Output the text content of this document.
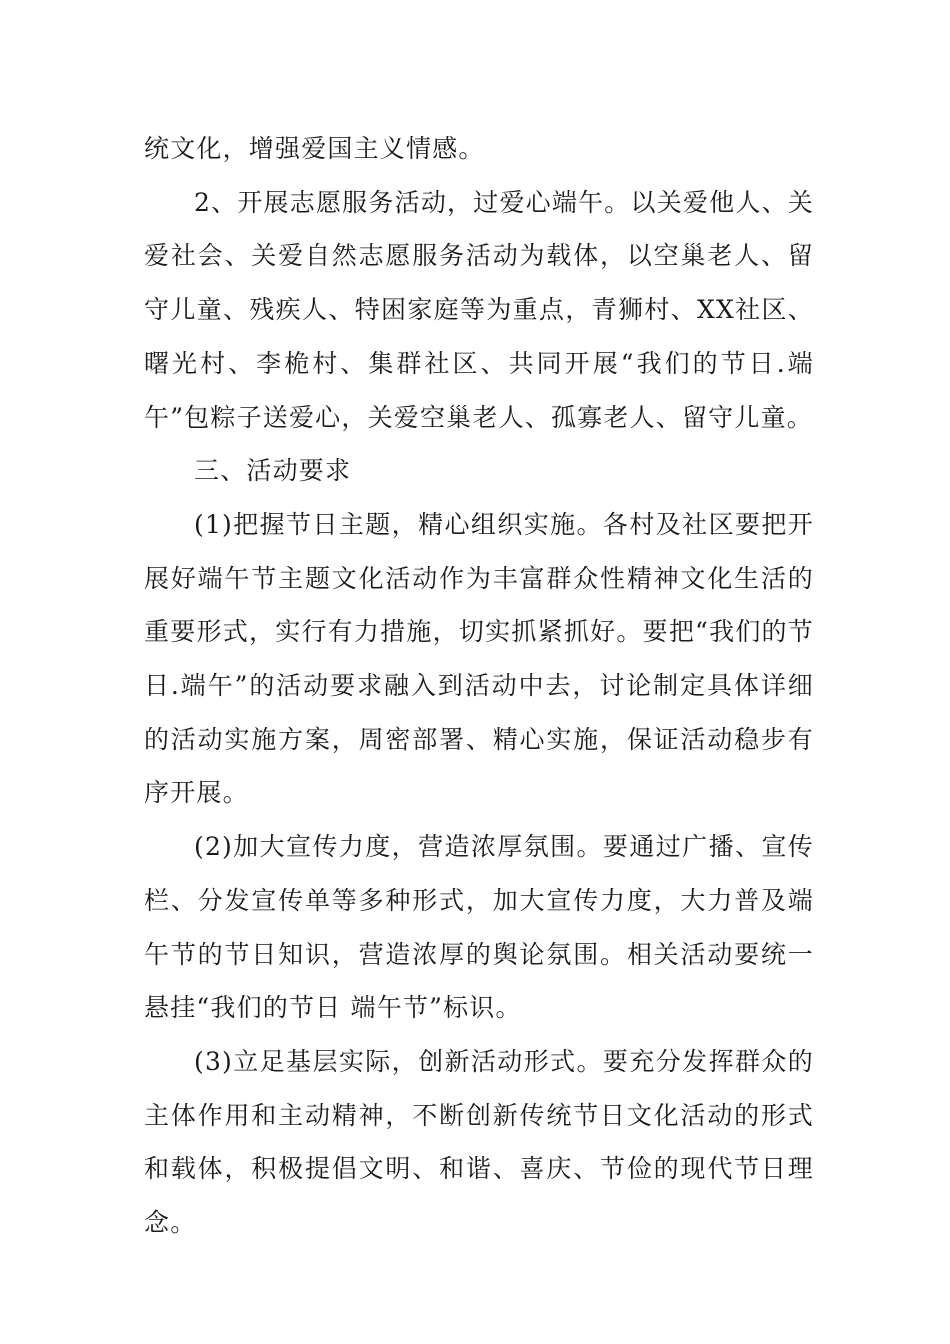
统文化，增强爱国主义情感。

2、开展志愿服务活动，过爱心端午。以关爱他人、关爱社会、关爱自然志愿服务活动为载体，以空巢老人、留守儿童、残疾人、特困家庭等为重点，青狮村、XX社区、曙光村、李桅村、集群社区、共同开展“我们的节日.端午”包粽子送爱心，关爱空巢老人、孤寡老人、留守儿童。

三、活动要求

(1)把握节日主题，精心组织实施。各村及社区要把开展好端午节主题文化活动作为丰富群众性精神文化生活的重要形式，实行有力措施，切实抓紧抓好。要把“我们的节日.端午”的活动要求融入到活动中去，讨论制定具体详细的活动实施方案，周密部署、精心实施，保证活动稳步有序开展。

(2)加大宣传力度，营造浓厚氛围。要通过广播、宣传栏、分发宣传单等多种形式，加大宣传力度，大力普及端午节的节日知识，营造浓厚的舆论氛围。相关活动要统一悬挂“我们的节日 端午节”标识。

(3)立足基层实际，创新活动形式。要充分发挥群众的主体作用和主动精神，不断创新传统节日文化活动的形式和载体，积极提倡文明、和谐、喜庆、节俭的现代节日理念。
